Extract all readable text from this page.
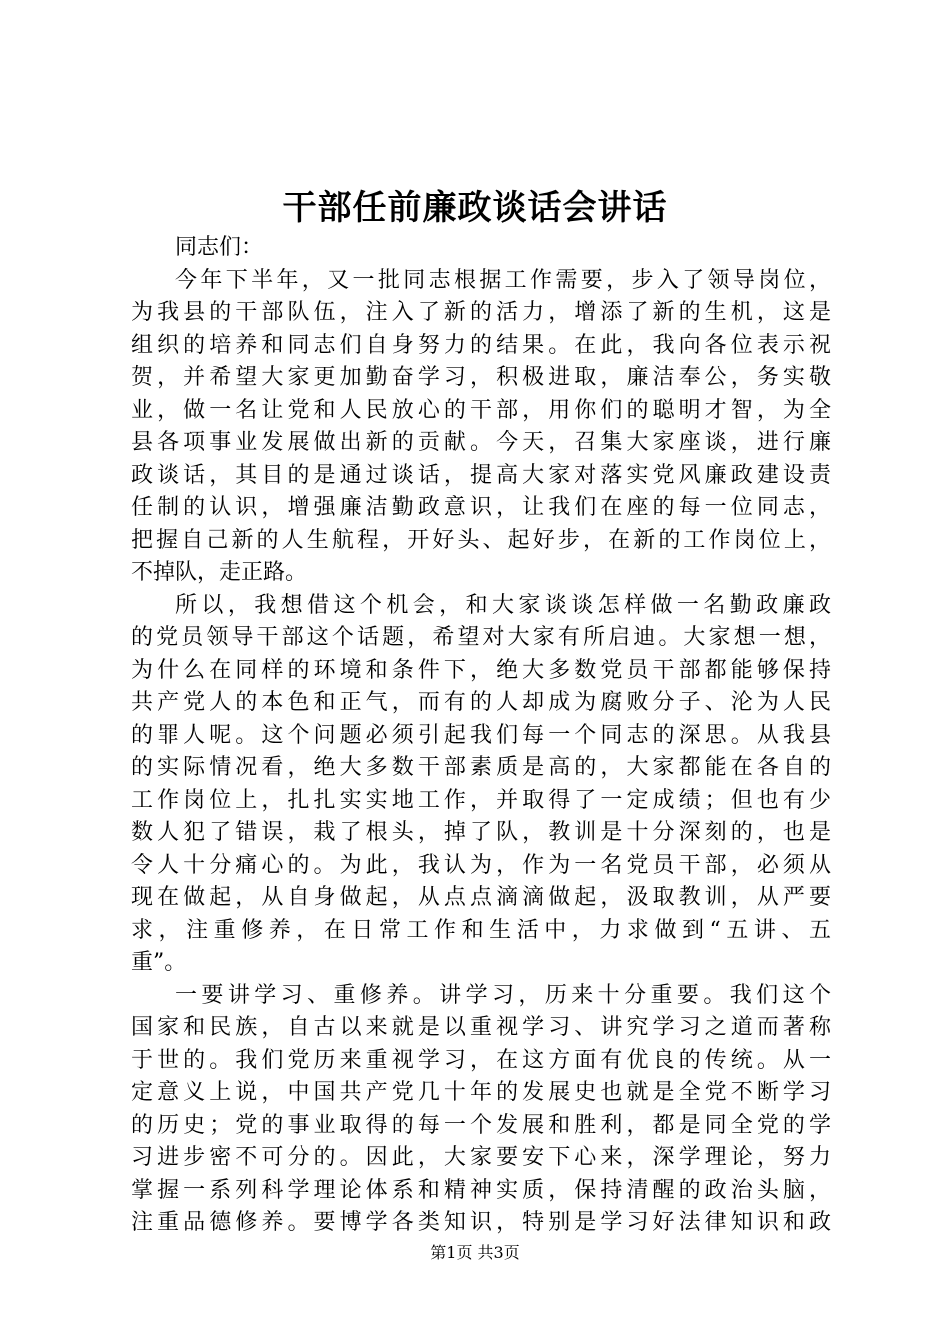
干部任前廉政谈话会讲话
同志们：
今年下半年，又一批同志根据工作需要，步入了领导岗位，
为我县的干部队伍，注入了新的活力，增添了新的生机，这是
组织的培养和同志们自身努力的结果。在此，我向各位表示祝
贺，并希望大家更加勤奋学习，积极进取，廉洁奉公，务实敬
业，做一名让党和人民放心的干部，用你们的聪明才智，为全
县各项事业发展做出新的贡献。今天，召集大家座谈，进行廉
政谈话，其目的是通过谈话，提高大家对落实党风廉政建设责
任制的认识，增强廉洁勤政意识，让我们在座的每一位同志，
把握自己新的人生航程，开好头、起好步，在新的工作岗位上，
不掉队，走正路。
所以，我想借这个机会，和大家谈谈怎样做一名勤政廉政
的党员领导干部这个话题，希望对大家有所启迪。大家想一想，
为什么在同样的环境和条件下，绝大多数党员干部都能够保持
共产党人的本色和正气，而有的人却成为腐败分子、沦为人民
的罪人呢。这个问题必须引起我们每一个同志的深思。从我县
的实际情况看，绝大多数干部素质是高的，大家都能在各自的
工作岗位上，扎扎实实地工作，并取得了一定成绩；但也有少
数人犯了错误，栽了根头，掉了队，教训是十分深刻的，也是
令人十分痛心的。为此，我认为，作为一名党员干部，必须从
现在做起，从自身做起，从点点滴滴做起，汲取教训，从严要
求，注重修养，在日常工作和生活中，力求做到“五讲、五
重”。
一要讲学习、重修养。讲学习，历来十分重要。我们这个
国家和民族，自古以来就是以重视学习、讲究学习之道而著称
于世的。我们党历来重视学习，在这方面有优良的传统。从一
定意义上说，中国共产党几十年的发展史也就是全党不断学习
的历史；党的事业取得的每一个发展和胜利，都是同全党的学
习进步密不可分的。因此，大家要安下心来，深学理论，努力
掌握一系列科学理论体系和精神实质，保持清醒的政治头脑，
注重品德修养。要博学各类知识，特别是学习好法律知识和政
第1页 共3页
